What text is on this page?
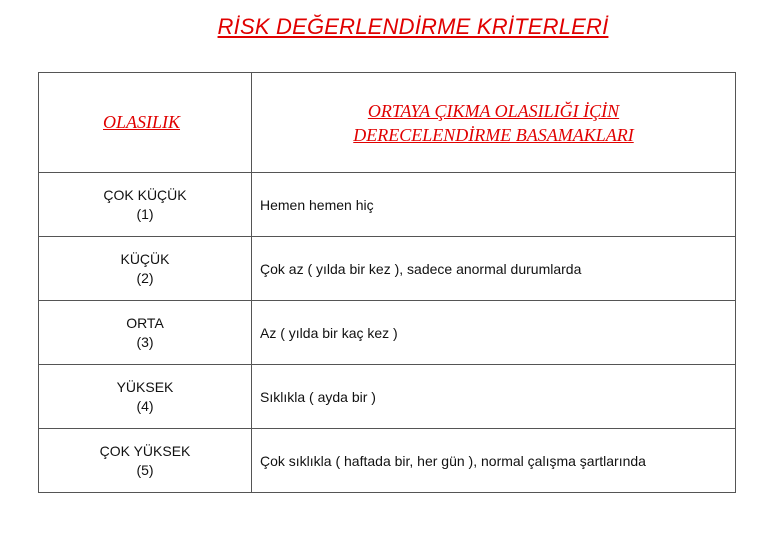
RİSK DEĞERLENDİRME KRİTERLERİ
OLASILIK	ORTAYA ÇIKMA OLASILIĞI İÇİN
DERECELENDİRME BASAMAKLARI

ÇOK KÜÇÜK
(1)	Hemen hemen hiç

KÜÇÜK
(2)	Çok az ( yılda bir kez ), sadece anormal durumlarda

ORTA
(3)	Az ( yılda bir kaç kez )

YÜKSEK
(4)	Sıklıkla ( ayda bir )

ÇOK YÜKSEK
(5)	Çok sıklıkla ( haftada bir, her gün ), normal çalışma şartlarında
